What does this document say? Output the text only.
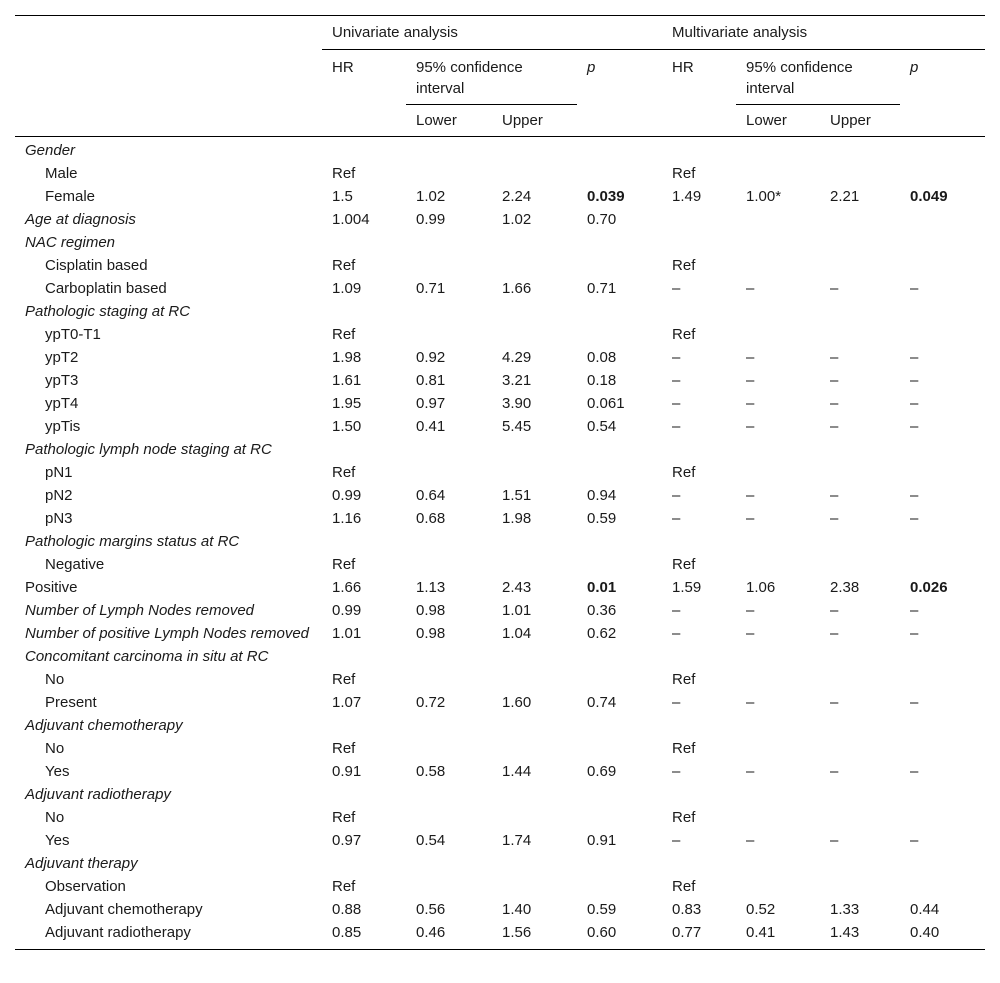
	Univariate analysis				Multivariate analysis			
	HR	95% confidence interval		p	HR	95% confidence interval		p
		Lower	Upper			Lower	Upper	
Gender								
Male	Ref				Ref			
Female	1.5	1.02	2.24	0.039	1.49	1.00*	2.21	0.049
Age at diagnosis	1.004	0.99	1.02	0.70				
NAC regimen								
Cisplatin based	Ref				Ref			
Carboplatin based	1.09	0.71	1.66	0.71	–	–	–	–
Pathologic staging at RC								
ypT0-T1	Ref				Ref			
ypT2	1.98	0.92	4.29	0.08	–	–	–	–
ypT3	1.61	0.81	3.21	0.18	–	–	–	–
ypT4	1.95	0.97	3.90	0.061	–	–	–	–
ypTis	1.50	0.41	5.45	0.54	–	–	–	–
Pathologic lymph node staging at RC								
pN1	Ref				Ref			
pN2	0.99	0.64	1.51	0.94	–	–	–	–
pN3	1.16	0.68	1.98	0.59	–	–	–	–
Pathologic margins status at RC								
Negative	Ref				Ref			
Positive	1.66	1.13	2.43	0.01	1.59	1.06	2.38	0.026
Number of Lymph Nodes removed	0.99	0.98	1.01	0.36	–	–	–	–
Number of positive Lymph Nodes removed	1.01	0.98	1.04	0.62	–	–	–	–
Concomitant carcinoma in situ at RC								
No	Ref				Ref			
Present	1.07	0.72	1.60	0.74	–	–	–	–
Adjuvant chemotherapy								
No	Ref				Ref			
Yes	0.91	0.58	1.44	0.69	–	–	–	–
Adjuvant radiotherapy								
No	Ref				Ref			
Yes	0.97	0.54	1.74	0.91	–	–	–	–
Adjuvant therapy								
Observation	Ref				Ref			
Adjuvant chemotherapy	0.88	0.56	1.40	0.59	0.83	0.52	1.33	0.44
Adjuvant radiotherapy	0.85	0.46	1.56	0.60	0.77	0.41	1.43	0.40
